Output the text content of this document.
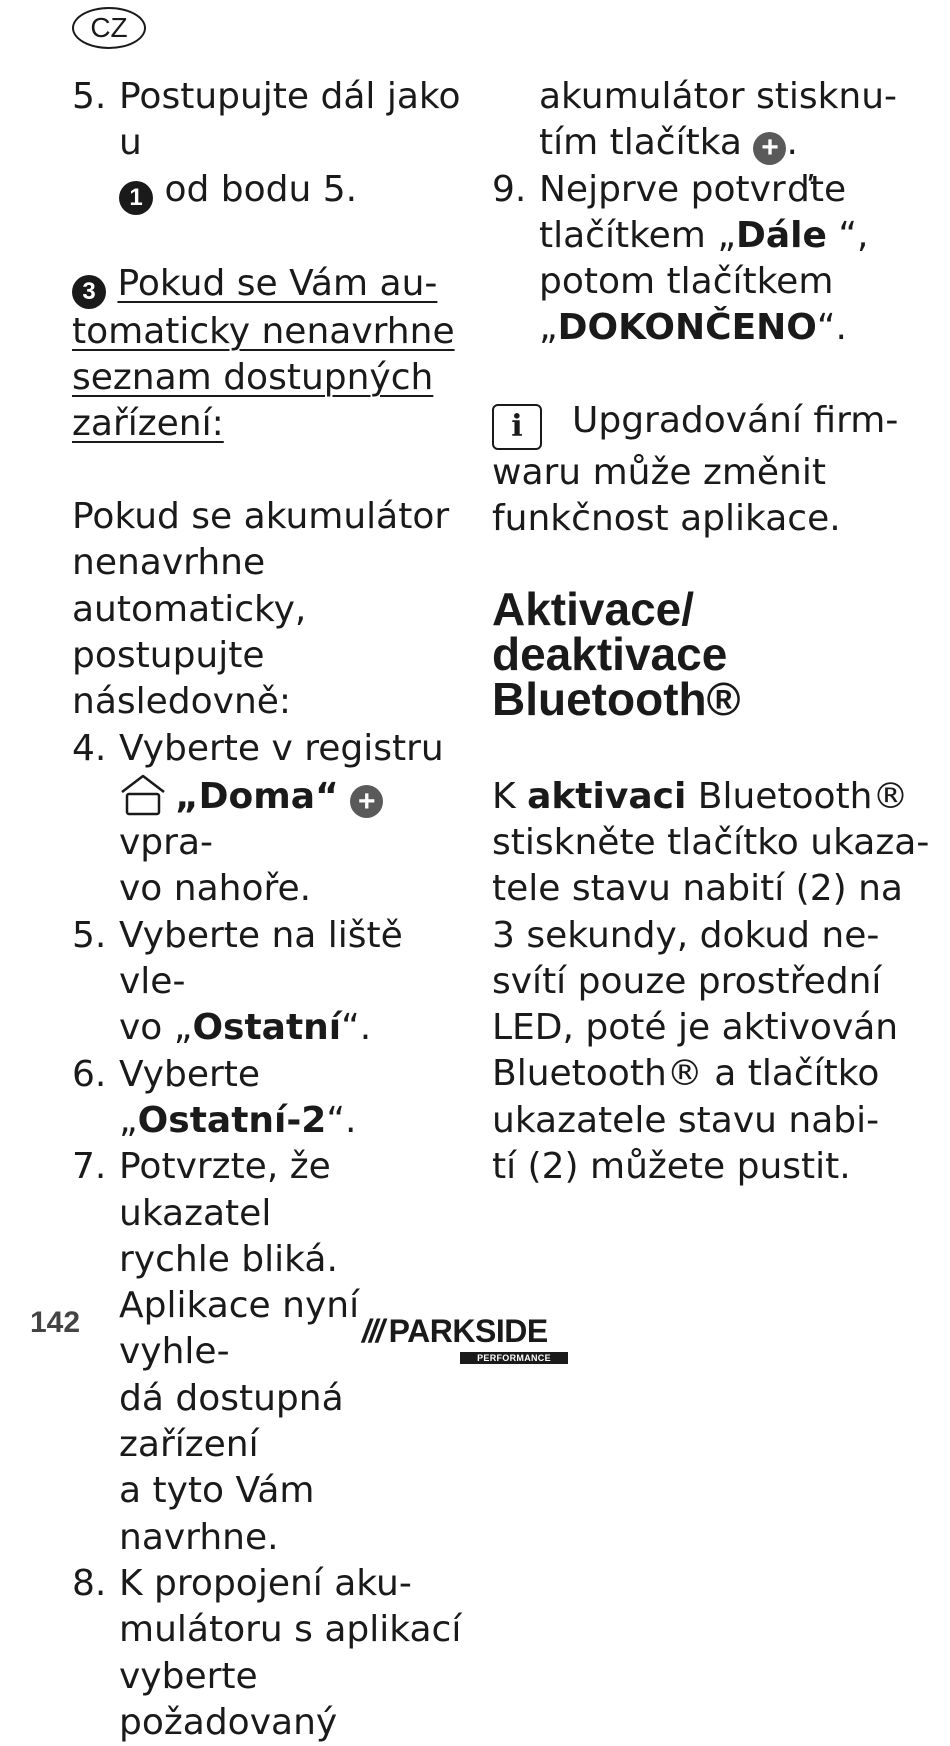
CZ
5. Postupujte dál jako u

1 od bodu 5.

3 Pokud se Vám au-

tomaticky nenavrhne

seznam dostupných

zařízení:

Pokud se akumulátor

nenavrhne automaticky,

postupujte následovně:

4. Vyberte v registru

„Doma“ + vpra-

vo nahoře.

5. Vyberte na liště vle-

vo „Ostatní“.

6. Vyberte „Ostatní-2“.
7. Potvrzte, že ukazatel

rychle bliká.

Aplikace nyní vyhle-

dá dostupná zařízení

a tyto Vám navrhne.

8. K propojení aku-

mulátoru s aplikací

vyberte požadovaný

akumulátor stisknu-

tím tlačítka + .

9. Nejprve potvrďte

tlačítkem „Dále “,

potom tlačítkem

„DOKONČENO“.

i Upgradování firm-

waru může změnit

funkčnost aplikace.

Aktivace/
deaktivace
Bluetooth®

K aktivaci Bluetooth®

stiskněte tlačítko ukaza-

tele stavu nabití (2) na

3 sekundy, dokud ne-

svítí pouze prostřední

LED, poté je aktivován

Bluetooth® a tlačítko

ukazatele stavu nabi-

tí (2) můžete pustit.

142	/// PARKSIDE
PERFORMANCE
